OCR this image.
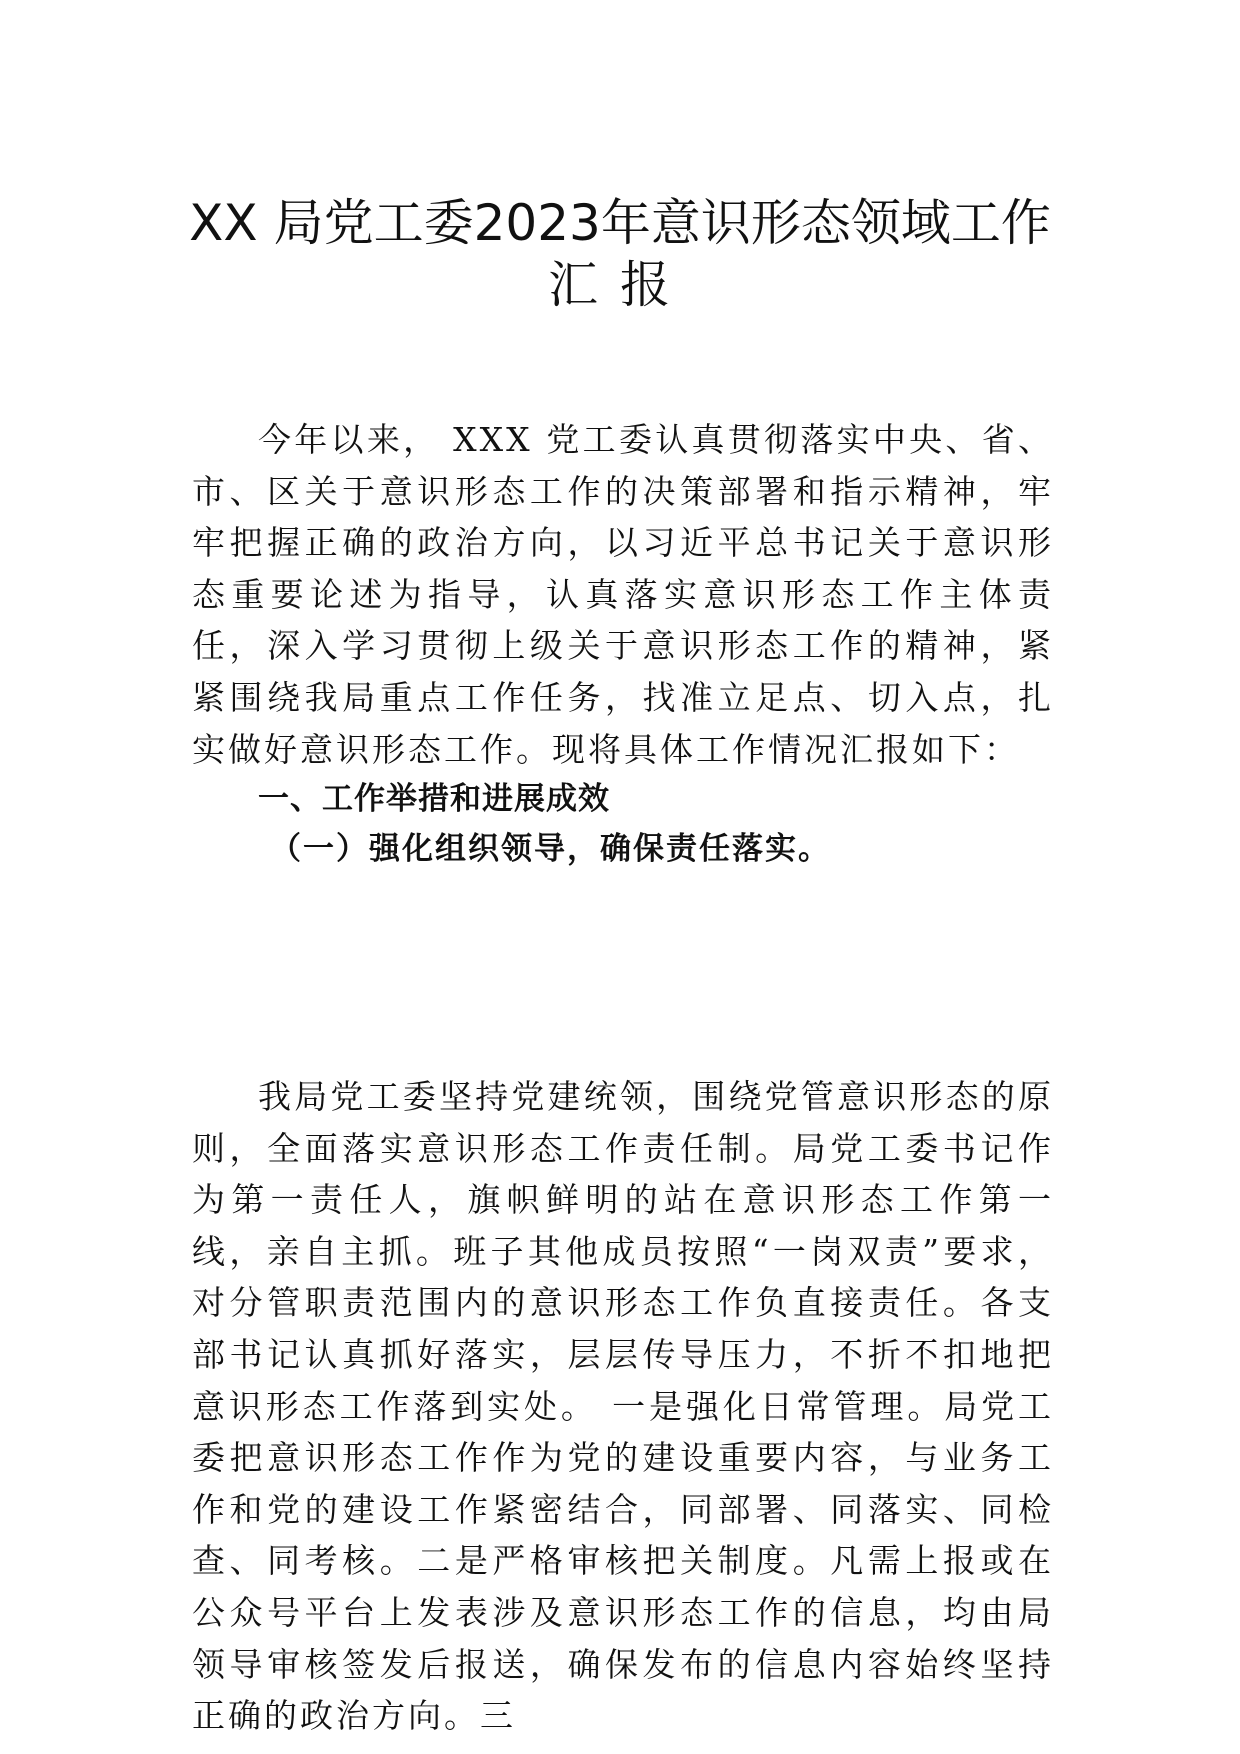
XX 局党工委2023年意识形态领域工作
汇报

今年以来， XXX 党工委认真贯彻落实中央、省、市、区关于意识形态工作的决策部署和指示精神，牢牢把握正确的政治方向，以习近平总书记关于意识形态重要论述为指导，认真落实意识形态工作主体责任，深入学习贯彻上级关于意识形态工作的精神，紧紧围绕我局重点工作任务，找准立足点、切入点，扎实做好意识形态工作。现将具体工作情况汇报如下：

一、工作举措和进展成效
（一）强化组织领导，确保责任落实。

我局党工委坚持党建统领，围绕党管意识形态的原则，全面落实意识形态工作责任制。局党工委书记作为第一责任人，旗帜鲜明的站在意识形态工作第一线，亲自主抓。班子其他成员按照“一岗双责”要求，对分管职责范围内的意识形态工作负直接责任。各支部书记认真抓好落实，层层传导压力，不折不扣地把意识形态工作落到实处。 一是强化日常管理。局党工委把意识形态工作作为党的建设重要内容，与业务工作和党的建设工作紧密结合，同部署、同落实、同检查、同考核。二是严格审核把关制度。凡需上报或在公众号平台上发表涉及意识形态工作的信息，均由局领导审核签发后报送，确保发布的信息内容始终坚持正确的政治方向。三
